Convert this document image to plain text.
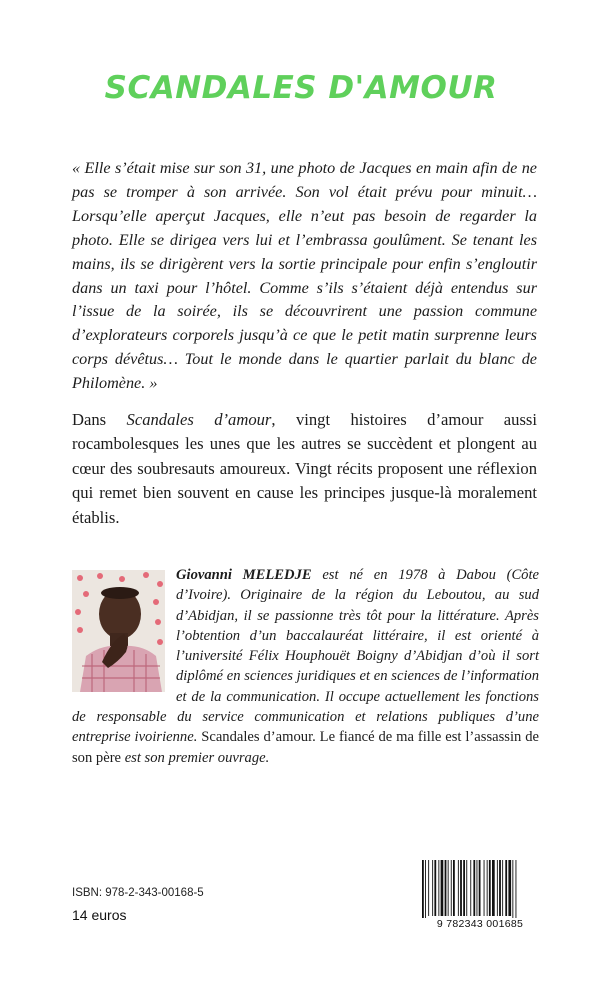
SCANDALES D'AMOUR

« Elle s’était mise sur son 31, une photo de Jacques en main afin de ne pas se tromper à son arrivée. Son vol était prévu pour minuit… Lorsqu’elle aperçut Jacques, elle n’eut pas besoin de regarder la photo. Elle se dirigea vers lui et l’embrassa goulûment. Se tenant les mains, ils se dirigèrent vers la sortie principale pour enfin s’engloutir dans un taxi pour l’hôtel. Comme s’ils s’étaient déjà entendus sur l’issue de la soirée, ils se découvrirent une passion commune d’explorateurs corporels jusqu’à ce que le petit matin surprenne leurs corps dévêtus… Tout le monde dans le quartier parlait du blanc de Philomène. »

Dans Scandales d’amour, vingt histoires d’amour aussi rocambolesques les unes que les autres se succèdent et plongent au cœur des soubresauts amoureux. Vingt récits proposent une réflexion qui remet bien souvent en cause les principes jusque-là moralement établis.

Giovanni MELEDJE est né en 1978 à Dabou (Côte d’Ivoire). Originaire de la région du Leboutou, au sud d’Abidjan, il se passionne très tôt pour la littérature. Après l’obtention d’un baccalauréat littéraire, il est orienté à l’université Félix Houphouët Boigny d’Abidjan d’où il sort diplômé en sciences juridiques et en sciences de l’information et de la communication. Il occupe actuellement les fonctions de responsable du service communication et relations publiques d’une entreprise ivoirienne. Scandales d’amour. Le fiancé de ma fille est l’assassin de son père est son premier ouvrage.

ISBN: 978-2-343-00168-5
14 euros
9 782343 001685
